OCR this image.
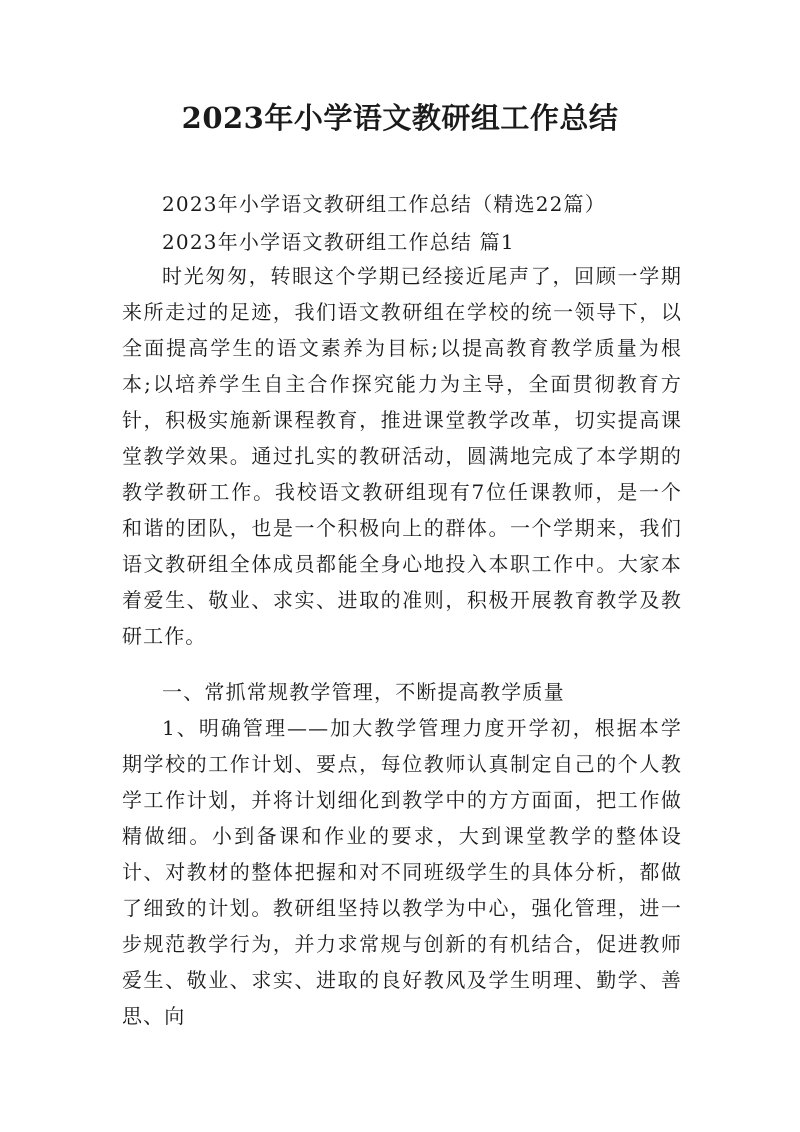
2023年小学语文教研组工作总结
2023年小学语文教研组工作总结（精选22篇）
2023年小学语文教研组工作总结 篇1

时光匆匆，转眼这个学期已经接近尾声了，回顾一学期来所走过的足迹，我们语文教研组在学校的统一领导下，以全面提高学生的语文素养为目标;以提高教育教学质量为根本;以培养学生自主合作探究能力为主导，全面贯彻教育方针，积极实施新课程教育，推进课堂教学改革，切实提高课堂教学效果。通过扎实的教研活动，圆满地完成了本学期的教学教研工作。我校语文教研组现有7位任课教师，是一个和谐的团队，也是一个积极向上的群体。一个学期来，我们语文教研组全体成员都能全身心地投入本职工作中。大家本着爱生、敬业、求实、进取的准则，积极开展教育教学及教研工作。

一、常抓常规教学管理，不断提高教学质量

1、明确管理——加大教学管理力度开学初，根据本学期学校的工作计划、要点，每位教师认真制定自己的个人教学工作计划，并将计划细化到教学中的方方面面，把工作做精做细。小到备课和作业的要求，大到课堂教学的整体设计、对教材的整体把握和对不同班级学生的具体分析，都做了细致的计划。教研组坚持以教学为中心，强化管理，进一步规范教学行为，并力求常规与创新的有机结合，促进教师爱生、敬业、求实、进取的良好教风及学生明理、勤学、善思、向
